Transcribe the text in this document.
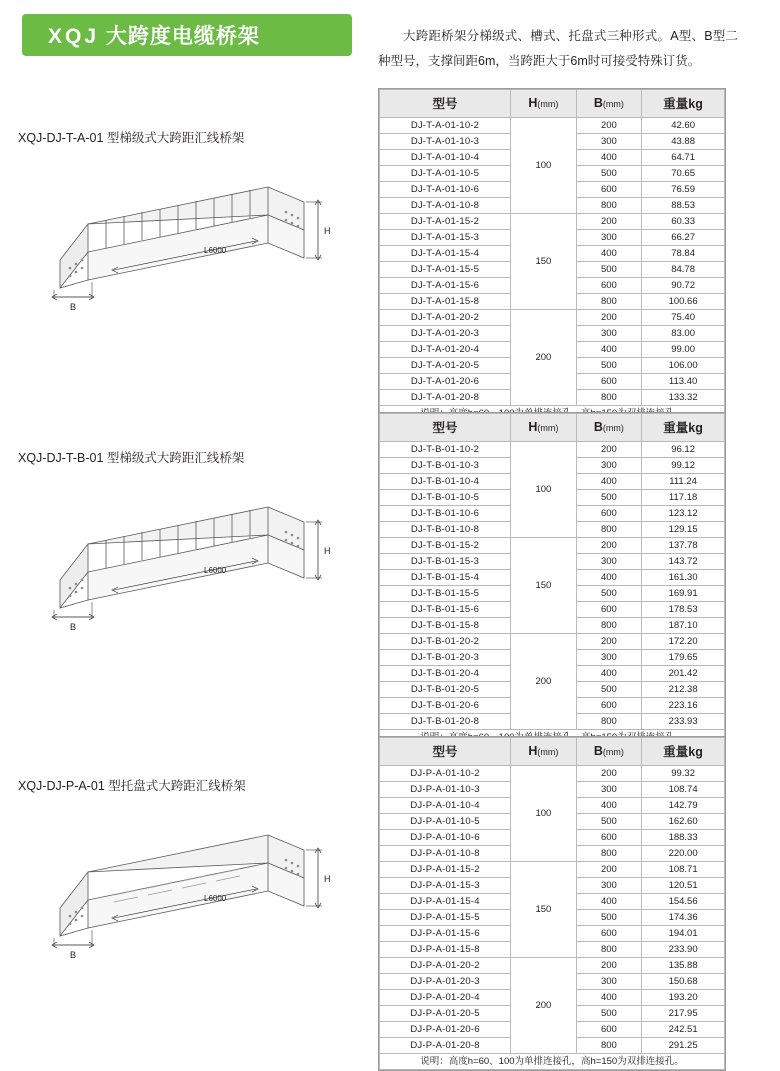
XQJ 大跨度电缆桥架	大跨距桥架分梯级式、槽式、托盘式三种形式。A型、B型二种型号，支撑间距6m，当跨距大于6m时可接受特殊订货。

XQJ-DJ-T-A-01 型梯级式大跨距汇线桥架
H
B
L6000
XQJ-DJ-T-B-01 型梯级式大跨距汇线桥架
H
B
L6000
XQJ-DJ-P-A-01 型托盘式大跨距汇线桥架
H
B
L6000
型号	H(mm)	B(mm)	重量kg
DJ-T-A-01-10-2	100	200	42.60
DJ-T-A-01-10-3		300	43.88
DJ-T-A-01-10-4		400	64.71
DJ-T-A-01-10-5		500	70.65
DJ-T-A-01-10-6		600	76.59
DJ-T-A-01-10-8		800	88.53
DJ-T-A-01-15-2	150	200	60.33
DJ-T-A-01-15-3		300	66.27
DJ-T-A-01-15-4		400	78.84
DJ-T-A-01-15-5		500	84.78
DJ-T-A-01-15-6		600	90.72
DJ-T-A-01-15-8		800	100.66
DJ-T-A-01-20-2	200	200	75.40
DJ-T-A-01-20-3		300	83.00
DJ-T-A-01-20-4		400	99.00
DJ-T-A-01-20-5		500	106.00
DJ-T-A-01-20-6		600	113.40
DJ-T-A-01-20-8		800	133.32

型号	H(mm)	B(mm)	重量kg
DJ-T-B-01-10-2	100	200	96.12
DJ-T-B-01-10-3		300	99.12
DJ-T-B-01-10-4		400	111.24
DJ-T-B-01-10-5		500	117.18
DJ-T-B-01-10-6		600	123.12
DJ-T-B-01-10-8		800	129.15
DJ-T-B-01-15-2	150	200	137.78
DJ-T-B-01-15-3		300	143.72
DJ-T-B-01-15-4		400	161.30
DJ-T-B-01-15-5		500	169.91
DJ-T-B-01-15-6		600	178.53
DJ-T-B-01-15-8		800	187.10
DJ-T-B-01-20-2	200	200	172.20
DJ-T-B-01-20-3		300	179.65
DJ-T-B-01-20-4		400	201.42
DJ-T-B-01-20-5		500	212.38
DJ-T-B-01-20-6		600	223.16
DJ-T-B-01-20-8		800	233.93

型号	H(mm)	B(mm)	重量kg
DJ-P-A-01-10-2	100	200	99.32
DJ-P-A-01-10-3		300	108.74
DJ-P-A-01-10-4		400	142.79
DJ-P-A-01-10-5		500	162.60
DJ-P-A-01-10-6		600	188.33
DJ-P-A-01-10-8		800	220.00
DJ-P-A-01-15-2	150	200	108.71
DJ-P-A-01-15-3		300	120.51
DJ-P-A-01-15-4		400	154.56
DJ-P-A-01-15-5		500	174.36
DJ-P-A-01-15-6		600	194.01
DJ-P-A-01-15-8		800	233.90
DJ-P-A-01-20-2	200	200	135.88
DJ-P-A-01-20-3		300	150.68
DJ-P-A-01-20-4		400	193.20
DJ-P-A-01-20-5		500	217.95
DJ-P-A-01-20-6		600	242.51
DJ-P-A-01-20-8		800	291.25
说明：高度h=60、100为单排连接孔，高h=150为双排连接孔。			
